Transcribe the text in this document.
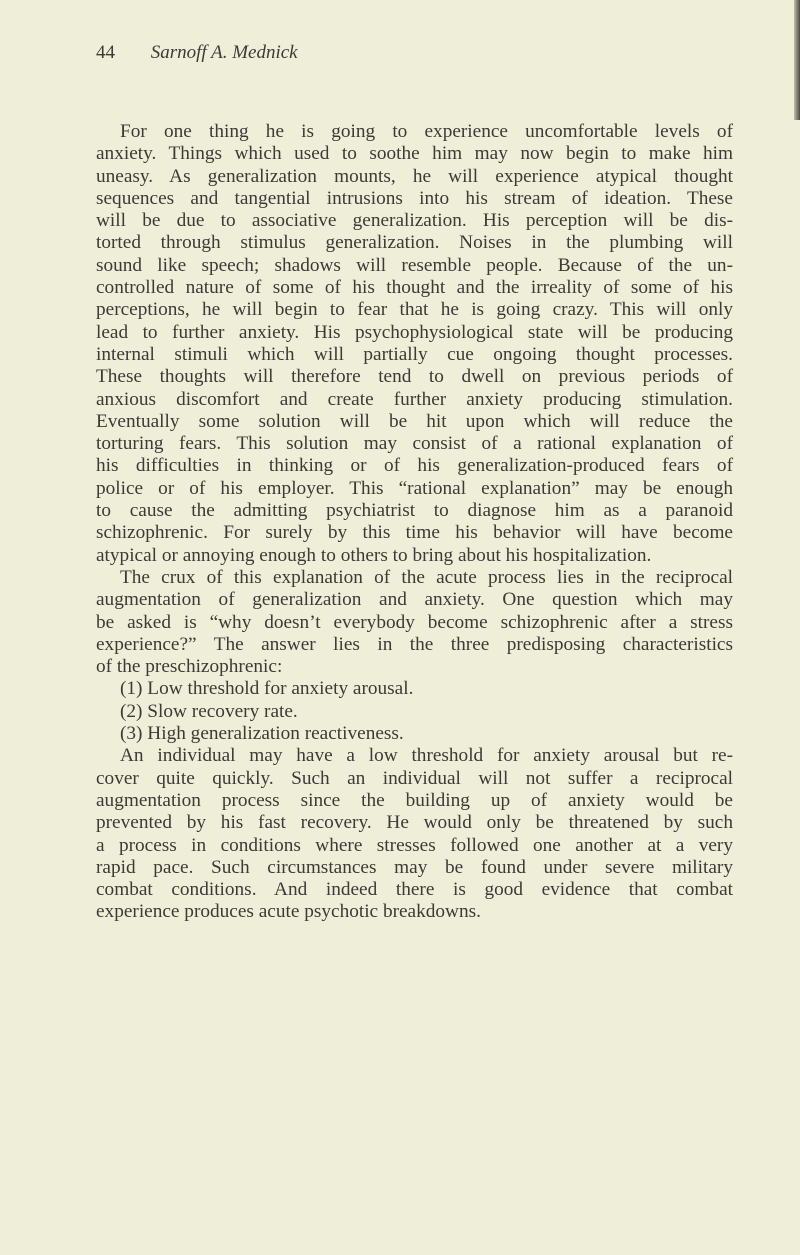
44 Sarnoff A. Mednick
For one thing he is going to experience uncomfortable levels of
anxiety. Things which used to soothe him may now begin to make him
uneasy. As generalization mounts, he will experience atypical thought
sequences and tangential intrusions into his stream of ideation. These
will be due to associative generalization. His perception will be dis-
torted through stimulus generalization. Noises in the plumbing will
sound like speech; shadows will resemble people. Because of the un-
controlled nature of some of his thought and the irreality of some of his
perceptions, he will begin to fear that he is going crazy. This will only
lead to further anxiety. His psychophysiological state will be producing
internal stimuli which will partially cue ongoing thought processes.
These thoughts will therefore tend to dwell on previous periods of
anxious discomfort and create further anxiety producing stimulation.
Eventually some solution will be hit upon which will reduce the
torturing fears. This solution may consist of a rational explanation of
his difficulties in thinking or of his generalization-produced fears of
police or of his employer. This “rational explanation” may be enough
to cause the admitting psychiatrist to diagnose him as a paranoid
schizophrenic. For surely by this time his behavior will have become
atypical or annoying enough to others to bring about his hospitalization.
The crux of this explanation of the acute process lies in the reciprocal
augmentation of generalization and anxiety. One question which may
be asked is “why doesn’t everybody become schizophrenic after a stress
experience?” The answer lies in the three predisposing characteristics
of the preschizophrenic:
(1) Low threshold for anxiety arousal.
(2) Slow recovery rate.
(3) High generalization reactiveness.
An individual may have a low threshold for anxiety arousal but re-
cover quite quickly. Such an individual will not suffer a reciprocal
augmentation process since the building up of anxiety would be
prevented by his fast recovery. He would only be threatened by such
a process in conditions where stresses followed one another at a very
rapid pace. Such circumstances may be found under severe military
combat conditions. And indeed there is good evidence that combat
experience produces acute psychotic breakdowns.
